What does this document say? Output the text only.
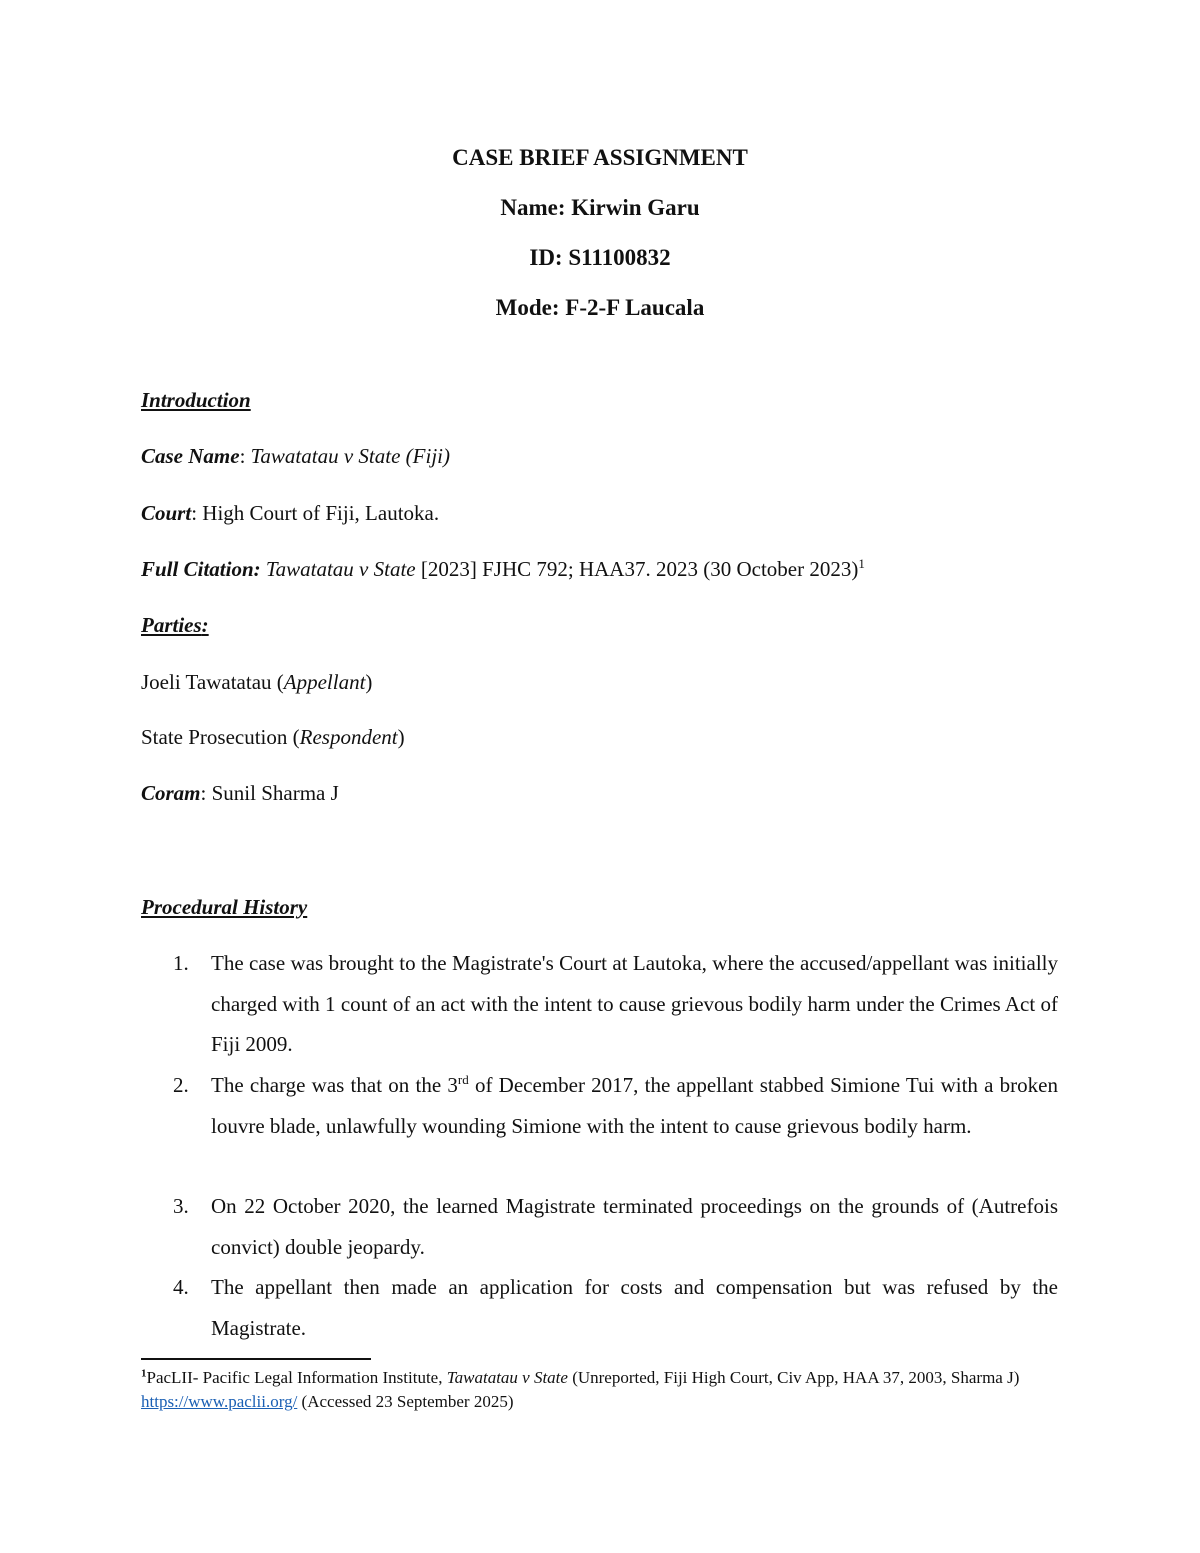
CASE BRIEF ASSIGNMENT
Name: Kirwin Garu
ID: S11100832
Mode: F-2-F Laucala
Introduction
Case Name: Tawatatau v State (Fiji)
Court: High Court of Fiji, Lautoka.
Full Citation: Tawatatau v State [2023] FJHC 792; HAA37. 2023 (30 October 2023)$^1$
Parties:
Joeli Tawatatau (Appellant)
State Prosecution (Respondent)
Coram: Sunil Sharma J
Procedural History
1. The case was brought to the Magistrate's Court at Lautoka, where the accused/appellant was initially charged with 1 count of an act with the intent to cause grievous bodily harm under the Crimes Act of Fiji 2009.
2. The charge was that on the 3rd of December 2017, the appellant stabbed Simione Tui with a broken louvre blade, unlawfully wounding Simione with the intent to cause grievous bodily harm.
3. On 22 October 2020, the learned Magistrate terminated proceedings on the grounds of (Autrefois convict) double jeopardy.
4. The appellant then made an application for costs and compensation but was refused by the Magistrate.
$^1$PacLII- Pacific Legal Information Institute, Tawatatau v State (Unreported, Fiji High Court, Civ App, HAA 37, 2003, Sharma J) https://www.paclii.org/ (Accessed 23 September 2025)
